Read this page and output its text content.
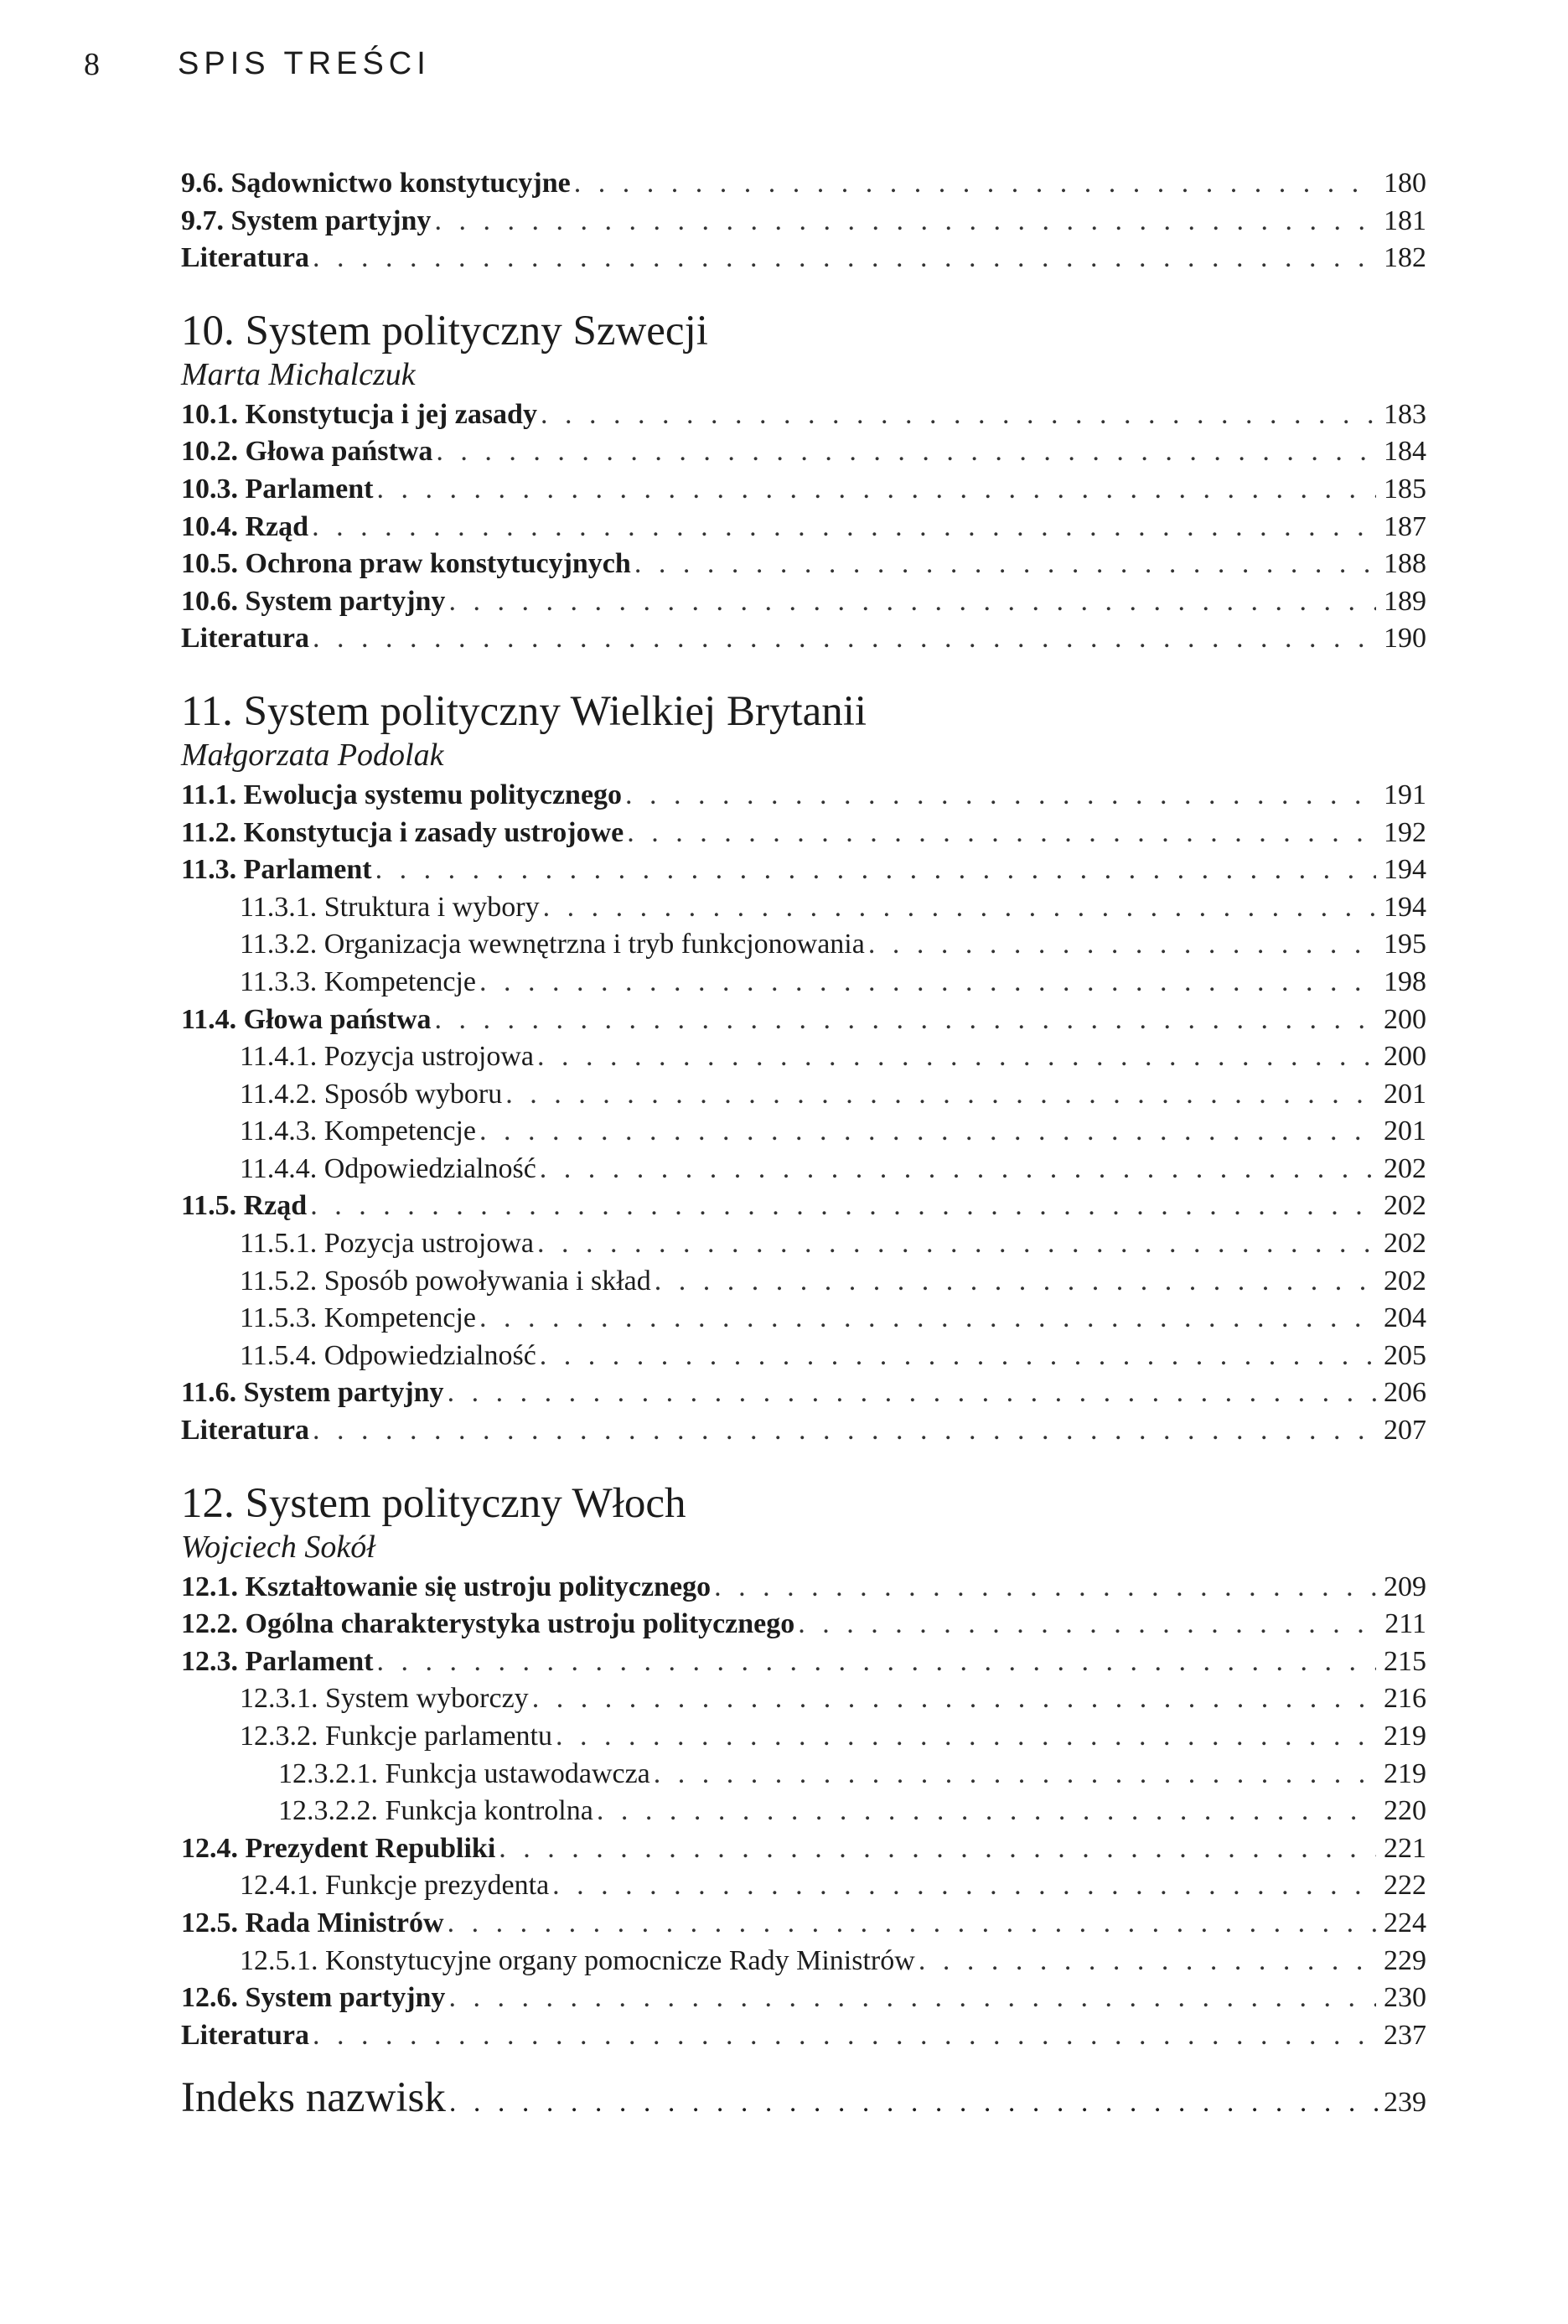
8 SPIS TREŚCI
9.6. Sądownictwo konstytucyjne . . .	180
9.7. System partyjny . . .	181
Literatura . . .	182
10. System polityczny Szwecji
Marta Michalczuk
10.1. Konstytucja i jej zasady . . .	183
10.2. Głowa państwa . . .	184
10.3. Parlament . . .	185
10.4. Rząd . . .	187
10.5. Ochrona praw konstytucyjnych . . .	188
10.6. System partyjny . . .	189
Literatura . . .	190
11. System polityczny Wielkiej Brytanii
Małgorzata Podolak
11.1. Ewolucja systemu politycznego . . .	191
11.2. Konstytucja i zasady ustrojowe . . .	192
11.3. Parlament . . .	194
11.3.1. Struktura i wybory . . .	194
11.3.2. Organizacja wewnętrzna i tryb funkcjonowania . . .	195
11.3.3. Kompetencje . . .	198
11.4. Głowa państwa . . .	200
11.4.1. Pozycja ustrojowa . . .	200
11.4.2. Sposób wyboru . . .	201
11.4.3. Kompetencje . . .	201
11.4.4. Odpowiedzialność . . .	202
11.5. Rząd . . .	202
11.5.1. Pozycja ustrojowa . . .	202
11.5.2. Sposób powoływania i skład . . .	202
11.5.3. Kompetencje . . .	204
11.5.4. Odpowiedzialność . . .	205
11.6. System partyjny . . .	206
Literatura . . .	207
12. System polityczny Włoch
Wojciech Sokół
12.1. Kształtowanie się ustroju politycznego . . .	209
12.2. Ogólna charakterystyka ustroju politycznego . . .	211
12.3. Parlament . . .	215
12.3.1. System wyborczy . . .	216
12.3.2. Funkcje parlamentu . . .	219
12.3.2.1. Funkcja ustawodawcza . . .	219
12.3.2.2. Funkcja kontrolna . . .	220
12.4. Prezydent Republiki . . .	221
12.4.1. Funkcje prezydenta . . .	222
12.5. Rada Ministrów . . .	224
12.5.1. Konstytucyjne organy pomocnicze Rady Ministrów . . .	229
12.6. System partyjny . . .	230
Literatura . . .	237
Indeks nazwisk . . .	239
